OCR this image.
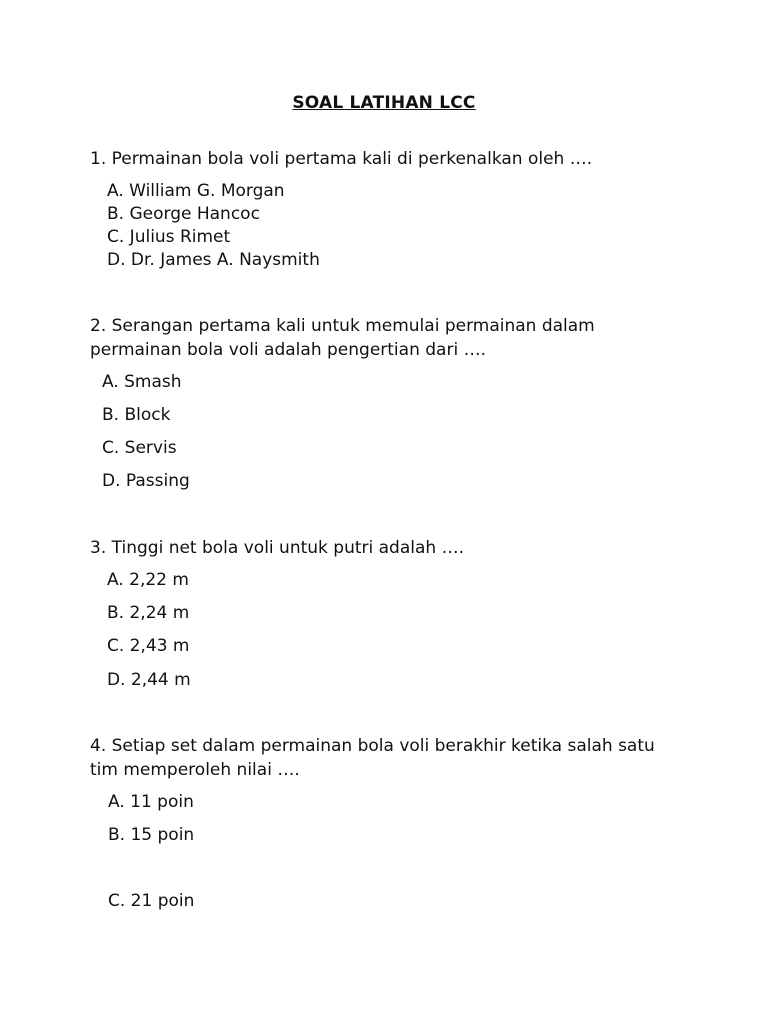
SOAL LATIHAN LCC
1. Permainan bola voli pertama kali di perkenalkan oleh ….
A. William G. Morgan
B. George Hancoc
C. Julius Rimet
D. Dr. James A. Naysmith
2. Serangan pertama kali untuk memulai permainan dalam
permainan bola voli adalah pengertian dari ….
A. Smash
B. Block
C. Servis
D. Passing
3. Tinggi net bola voli untuk putri adalah ….
A. 2,22 m
B. 2,24 m
C. 2,43 m
D. 2,44 m
4. Setiap set dalam permainan bola voli berakhir ketika salah satu
tim memperoleh nilai ….
A. 11 poin
B. 15 poin
C. 21 poin
